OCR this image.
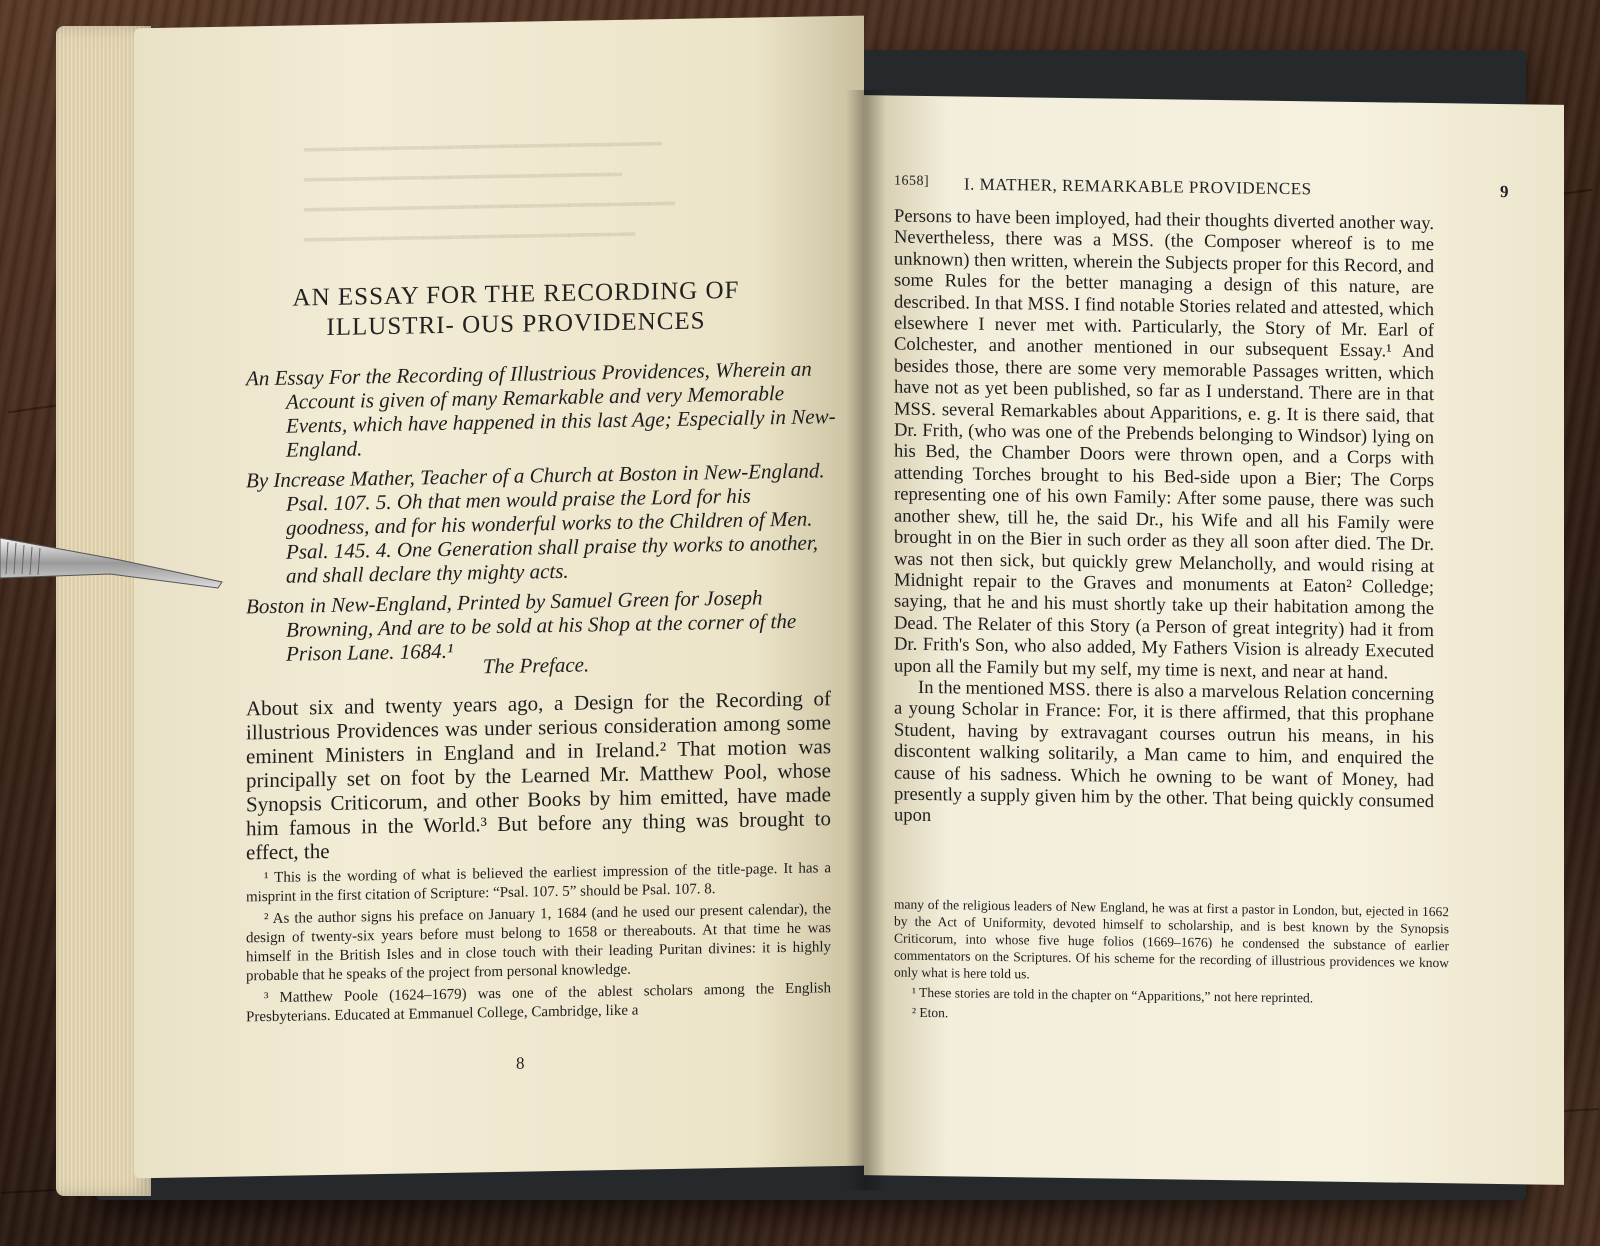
━━━━━━━━━━━━━━━━━━━━━━━━━━━
━━━━━━━━━━━━━━━━━━━━━━━━
━━━━━━━━━━━━━━━━━━━━━━━━━━━━
━━━━━━━━━━━━━━━━━━━━━━━━━
AN ESSAY FOR THE RECORDING OF ILLUSTRI- OUS PROVIDENCES

An Essay For the Recording of Illustrious Providences, Wherein an Account is given of many Remarkable and very Memorable Events, which have happened in this last Age; Especially in New-England.

By Increase Mather, Teacher of a Church at Boston in New-England. Psal. 107. 5. Oh that men would praise the Lord for his goodness, and for his wonderful works to the Children of Men. Psal. 145. 4. One Generation shall praise thy works to another, and shall declare thy mighty acts.

Boston in New-England, Printed by Samuel Green for Joseph Browning, And are to be sold at his Shop at the corner of the Prison Lane. 1684.¹	The Preface.
About six and twenty years ago, a Design for the Recording of illustrious Providences was under serious consideration among some eminent Ministers in England and in Ireland.² That motion was principally set on foot by the Learned Mr. Matthew Pool, whose Synopsis Criticorum, and other Books by him emitted, have made him famous in the World.³ But before any thing was brought to effect, the

¹ This is the wording of what is believed the earliest impression of the title-page. It has a misprint in the first citation of Scripture: “Psal. 107. 5” should be Psal. 107. 8.

² As the author signs his preface on January 1, 1684 (and he used our present calendar), the design of twenty-six years before must belong to 1658 or thereabouts. At that time he was himself in the British Isles and in close touch with their leading Puritan divines: it is highly probable that he speaks of the project from personal knowledge.

³ Matthew Poole (1624–1679) was one of the ablest scholars among the English Presbyterians. Educated at Emmanuel College, Cambridge, like a

8
1658] I. MATHER, REMARKABLE PROVIDENCES	9

Persons to have been imployed, had their thoughts diverted another way. Nevertheless, there was a MSS. (the Composer whereof is to me unknown) then written, wherein the Subjects proper for this Record, and some Rules for the better managing a design of this nature, are described. In that MSS. I find notable Stories related and attested, which elsewhere I never met with. Particularly, the Story of Mr. Earl of Colchester, and another mentioned in our subsequent Essay.¹ And besides those, there are some very memorable Passages written, which have not as yet been published, so far as I understand. There are in that MSS. several Remarkables about Apparitions, e. g. It is there said, that Dr. Frith, (who was one of the Prebends belonging to Windsor) lying on his Bed, the Chamber Doors were thrown open, and a Corps with attending Torches brought to his Bed-side upon a Bier; The Corps representing one of his own Family: After some pause, there was such another shew, till he, the said Dr., his Wife and all his Family were brought in on the Bier in such order as they all soon after died. The Dr. was not then sick, but quickly grew Melancholly, and would rising at Midnight repair to the Graves and monuments at Eaton² Colledge; saying, that he and his must shortly take up their habitation among the Dead. The Relater of this Story (a Person of great integrity) had it from Dr. Frith's Son, who also added, My Fathers Vision is already Executed upon all the Family but my self, my time is next, and near at hand.

In the mentioned MSS. there is also a marvelous Relation concerning a young Scholar in France: For, it is there affirmed, that this prophane Student, having by extravagant courses outrun his means, in his discontent walking solitarily, a Man came to him, and enquired the cause of his sadness. Which he owning to be want of Money, had presently a supply given him by the other. That being quickly consumed upon

many of the religious leaders of New England, he was at first a pastor in London, but, ejected in 1662 by the Act of Uniformity, devoted himself to scholarship, and is best known by the Synopsis Criticorum, into whose five huge folios (1669–1676) he condensed the substance of earlier commentators on the Scriptures. Of his scheme for the recording of illustrious providences we know only what is here told us.

¹ These stories are told in the chapter on “Apparitions,” not here reprinted.

² Eton.
